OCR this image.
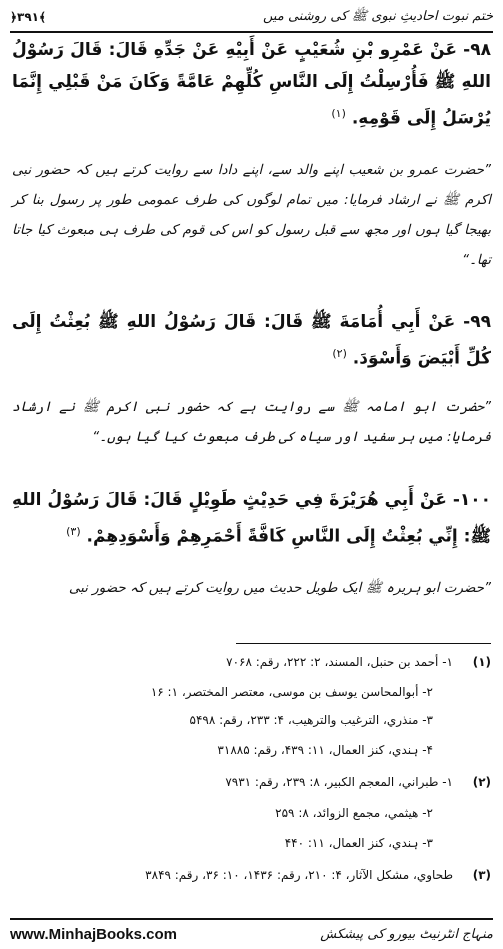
ختم نبوت احادیثِ نبوی ﷺ کی روشنی میں
﴿۳۹۱﴾
۹۸- عَنْ عَمْرِو بْنِ شُعَيْبٍ عَنْ أَبِيْهِ عَنْ جَدِّهِ قَالَ: قَالَ رَسُوْلُ اللهِ ﷺ فَأُرْسِلْتُ إِلَى النَّاسِ كُلِّهِمْ عَامَّةً وَكَانَ مَنْ قَبْلِي إِنَّمَا يُرْسَلُ إِلَى قَوْمِهِ. $^{(۱)}$
”حضرت عمرو بن شعیب اپنے والد سے، اپنے دادا سے روایت کرتے ہیں کہ حضور نبی اکرم ﷺ نے ارشاد فرمایا: میں تمام لوگوں کی طرف عمومی طور پر رسول بنا کر بھیجا گیا ہوں اور مجھ سے قبل رسول کو اس کی قوم کی طرف ہی مبعوث کیا جاتا تھا۔“
۹۹- عَنْ أَبِي أُمَامَةَ ﷺ قَالَ: قَالَ رَسُوْلُ اللهِ ﷺ بُعِثْتُ إِلَى كُلِّ أَبْيَضَ وَأَسْوَدَ. $^{(۲)}$
”حضرت ابو امامہ ﷺ سے روایت ہے کہ حضور نبی اکرم ﷺ نے ارشاد فرمایا: میں ہر سفید اور سیاہ کی طرف مبعوث کیا گیا ہوں۔“
۱۰۰- عَنْ أَبِي هُرَيْرَةَ فِي حَدِيْثٍ طَوِيْلٍ قَالَ: قَالَ رَسُوْلُ اللهِ ﷺ: إِنِّي بُعِثْتُ إِلَى النَّاسِ كَافَّةً أَحْمَرِهِمْ وَأَسْوَدِهِمْ. $^{(۳)}$
”حضرت ابو ہریرہ ﷺ ایک طویل حدیث میں روایت کرتے ہیں کہ حضور نبی
(۱)
۱- أحمد بن حنبل، المسند، ۲: ۲۲۲، رقم: ۷۰۶۸
۲- أبوالمحاسن يوسف بن موسى، معتصر المختصر، ۱: ۱۶
۳- منذري، الترغيب والترهيب، ۴: ۲۳۳، رقم: ۵۴۹۸
۴- ہندي، كنز العمال، ۱۱: ۴۳۹، رقم: ۳۱۸۸۵
(۲)
۱- طبراني، المعجم الكبير، ۸: ۲۳۹، رقم: ۷۹۳۱
۲- هيثمي، مجمع الزوائد، ۸: ۲۵۹
۳- ہندي، كنز العمال، ۱۱: ۴۴۰
(۳)
طحاوي، مشكل الآثار، ۴: ۲۱۰، رقم: ۱۴۳۶، ۱۰: ۳۶، رقم: ۳۸۴۹
www.MinhajBooks.com	منہاج انٹرنیٹ بیورو کی پیشکش
